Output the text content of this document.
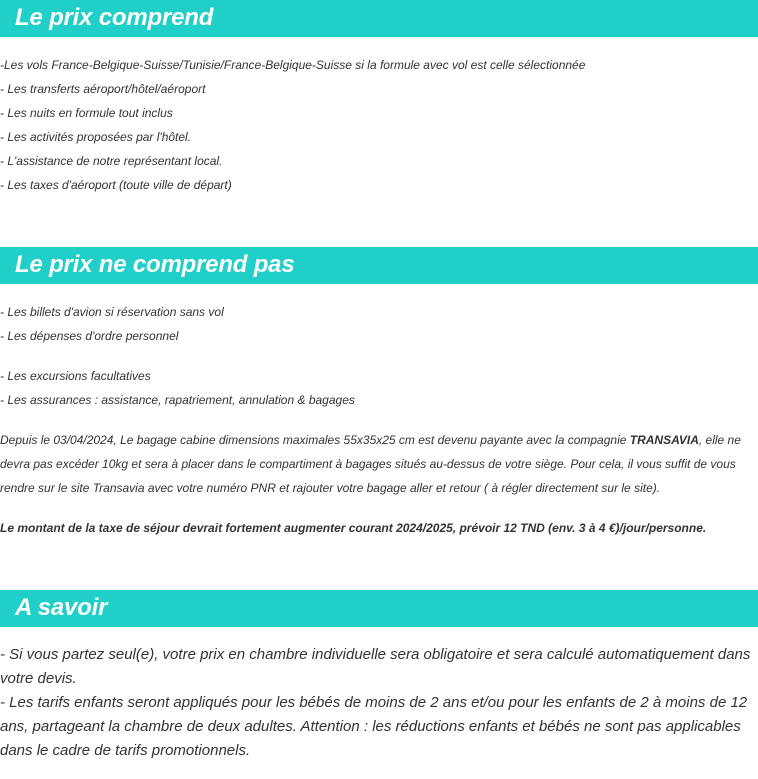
Le prix comprend
-Les vols France-Belgique-Suisse/Tunisie/France-Belgique-Suisse si la formule avec vol est celle sélectionnée
- Les transferts aéroport/hôtel/aéroport
- Les nuits en formule tout inclus
- Les activités proposées par l'hôtel.
- L'assistance de notre représentant local.
- Les taxes d'aéroport (toute ville de départ)
Le prix ne comprend pas
- Les billets d'avion si réservation sans vol
- Les dépenses d'ordre personnel
- Les excursions facultatives
- Les assurances : assistance, rapatriement, annulation & bagages

Depuis le 03/04/2024, Le bagage cabine dimensions maximales 55x35x25 cm est devenu payante avec la compagnie TRANSAVIA, elle ne devra pas excéder 10kg et sera à placer dans le compartiment à bagages situés au-dessus de votre siège. Pour cela, il vous suffit de vous rendre sur le site Transavia avec votre numéro PNR et rajouter votre bagage aller et retour ( à régler directement sur le site).

Le montant de la taxe de séjour devrait fortement augmenter courant 2024/2025, prévoir 12 TND (env. 3 à 4 €)/jour/personne.

A savoir

- Si vous partez seul(e), votre prix en chambre individuelle sera obligatoire et sera calculé automatiquement dans votre devis.

- Les tarifs enfants seront appliqués pour les bébés de moins de 2 ans et/ou pour les enfants de 2 à moins de 12 ans, partageant la chambre de deux adultes. Attention : les réductions enfants et bébés ne sont pas applicables dans le cadre de tarifs promotionnels.
